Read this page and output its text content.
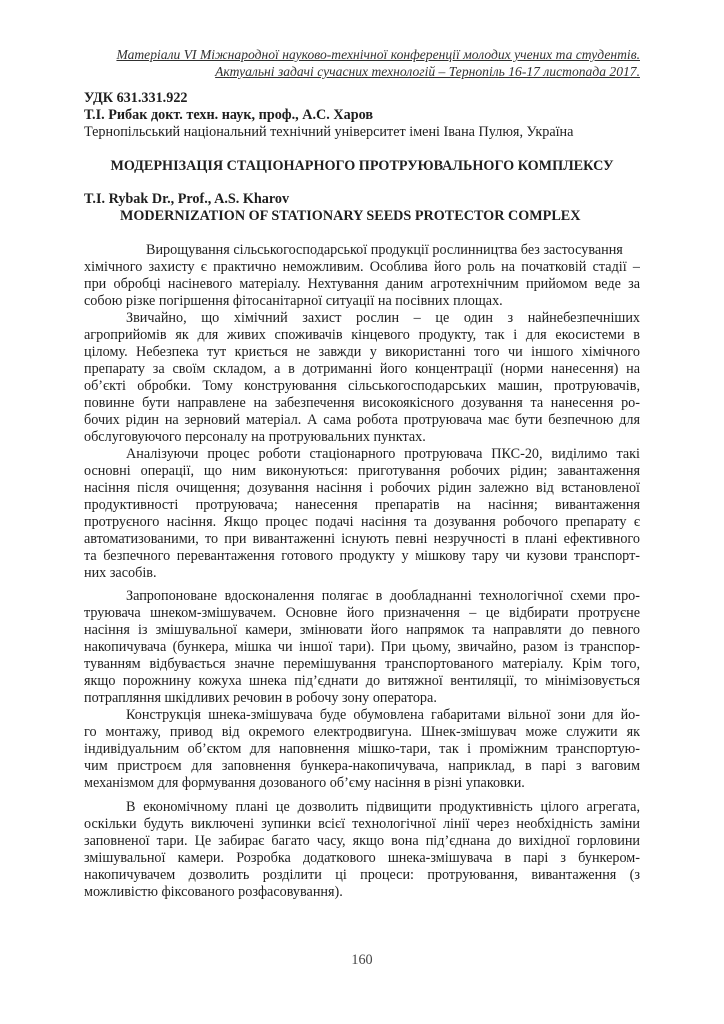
Матеріали VI Міжнародної науково-технічної конференції молодих учених та студентів.
Актуальні задачі сучасних технологій – Тернопіль 16-17 листопада 2017.
УДК 631.331.922
Т.І. Рибак докт. техн. наук, проф., А.С. Харов
Тернопільський національний технічний університет імені Івана Пулюя, Україна
МОДЕРНІЗАЦІЯ СТАЦІОНАРНОГО ПРОТРУЮВАЛЬНОГО КОМПЛЕКСУ
T.I. Rybak Dr., Prof., A.S. Kharov
MODERNIZATION OF STATIONARY SEEDS PROTECTOR COMPLEX
Вирощування сільськогосподарської продукції рослинництва без застосування
хімічного захисту є практично неможливим. Особлива його роль на початковій стадії –
при обробці насіневого матеріалу. Нехтування даним агротехнічним прийомом веде за
собою різке погіршення фітосанітарної ситуації на посівних площах.
Звичайно, що хімічний захист рослин – це один з найнебезпечніших
агроприйомів як для живих споживачів кінцевого продукту, так і для екосистеми в
цілому. Небезпека тут криється не завжди у використанні того чи іншого хімічного
препарату за своїм складом, а в дотриманні його концентрації (норми нанесення) на
об’єкті обробки. Тому конструювання сільськогосподарських машин, протруювачів,
повинне бути направлене на забезпечення високоякісного дозування та нанесення ро-
бочих рідин на зерновий матеріал. А сама робота протруювача має бути безпечною для
обслуговуючого персоналу на протруювальних пунктах.
Аналізуючи процес роботи стаціонарного протруювача ПКС-20, виділимо такі
основні операції, що ним виконуються: приготування робочих рідин; завантаження
насіння після очищення; дозування насіння і робочих рідин залежно від встановленої
продуктивності протруювача; нанесення препаратів на насіння; вивантаження
протруєного насіння. Якщо процес подачі насіння та дозування робочого препарату є
автоматизованими, то при вивантаженні існують певні незручності в плані ефективного
та безпечного перевантаження готового продукту у мішкову тару чи кузови транспорт-
них засобів.
Запропоноване вдосконалення полягає в дообладнанні технологічної схеми про-
труювача шнеком-змішувачем. Основне його призначення – це відбирати протруєне
насіння із змішувальної камери, змінювати його напрямок та направляти до певного
накопичувача (бункера, мішка чи іншої тари). При цьому, звичайно, разом із транспор-
туванням відбувається значне перемішування транспортованого матеріалу. Крім того,
якщо порожнину кожуха шнека під’єднати до витяжної вентиляції, то мінімізовується
потрапляння шкідливих речовин в робочу зону оператора.
Конструкція шнека-змішувача буде обумовлена габаритами вільної зони для йо-
го монтажу, привод від окремого електродвигуна. Шнек-змішувач може служити як
індивідуальним об’єктом для наповнення мішко-тари, так і проміжним транспортую-
чим пристроєм для заповнення бункера-накопичувача, наприклад, в парі з ваговим
механізмом для формування дозованого об’єму насіння в різні упаковки.
В економічному плані це дозволить підвищити продуктивність цілого агрегата,
оскільки будуть виключені зупинки всієї технологічної лінії через необхідність заміни
заповненої тари. Це забирає багато часу, якщо вона під’єднана до вихідної горловини
змішувальної камери. Розробка додаткового шнека-змішувача в парі з бункером-
накопичувачем дозволить розділити ці процеси: протруювання, вивантаження (з
можливістю фіксованого розфасовування).
160
